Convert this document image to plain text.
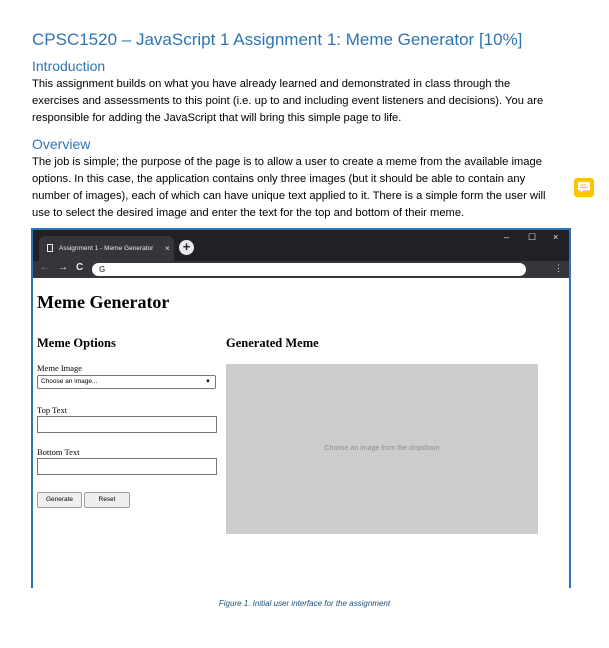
CPSC1520 – JavaScript 1 Assignment 1: Meme Generator [10%]
Introduction

This assignment builds on what you have already learned and demonstrated in class through the
exercises and assessments to this point (i.e. up to and including event listeners and decisions). You are
responsible for adding the JavaScript that will bring this simple page to life.

Overview

The job is simple; the purpose of the page is to allow a user to create a meme from the available image
options. In this case, the application contains only three images (but it should be able to contain any
number of images), each of which can have unique text applied to it. There is a simple form the user will
use to select the desired image and enter the text for the top and bottom of their meme.

Assignment 1 - Meme Generator × +
– ☐ ×
← → C G	⋮
Meme Generator
Meme Options	Generated Meme
Meme Image
Choose an image...	▼
Top Text
Bottom Text
Generate	Reset
Choose an image from the dropdown
Figure 1. Initial user interface for the assignment
